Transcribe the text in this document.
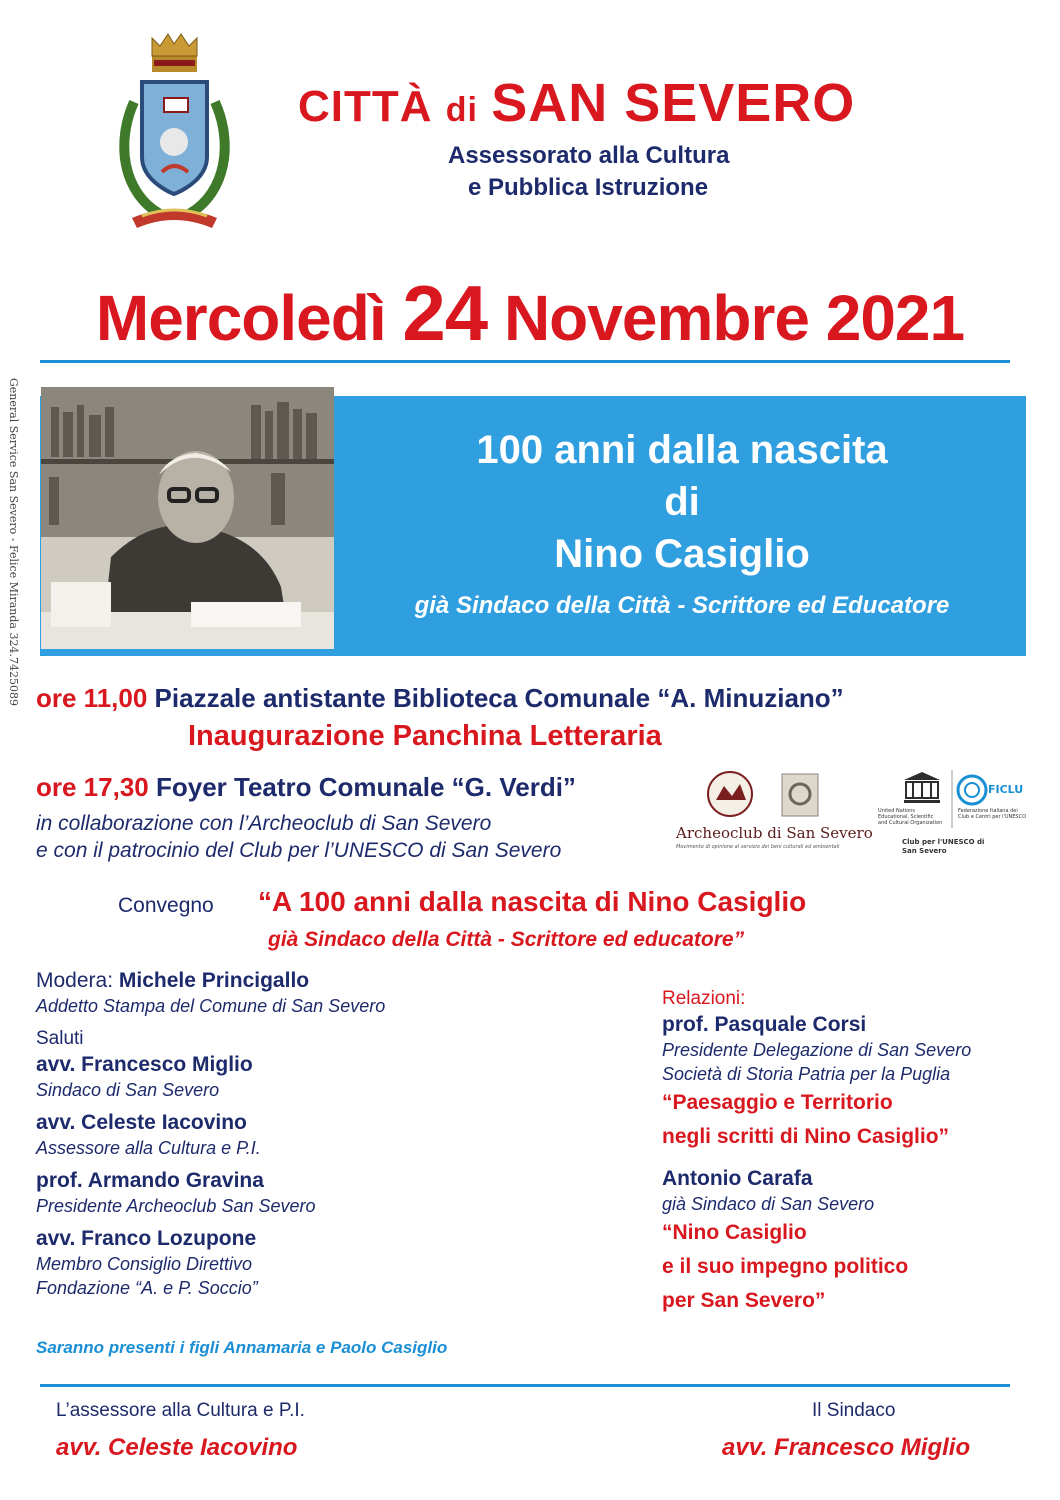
CITTÀ di SAN SEVERO
Assessorato alla Cultura
e Pubblica Istruzione
Mercoledì 24 Novembre 2021
100 anni dalla nascita
di
Nino Casiglio
già Sindaco della Città - Scrittore ed Educatore
General Service San Severo - Felice Miranda 324.7425089 ore 11,00 Piazzale antistante Biblioteca Comunale “A. Minuziano”
Inaugurazione Panchina Letteraria
ore 17,30 Foyer Teatro Comunale “G. Verdi”
in collaborazione con l’Archeoclub di San Severo
e con il patrocinio del Club per l’UNESCO di San Severo
Archeoclub di San Severo
Movimento di opinione al servizio dei beni culturali ed ambientali
United Nations Educational, Scientific and Cultural Organization
FICLU
Federazione Italiana dei Club e Centri per l'UNESCO
Club per l'UNESCO di
San Severo
Convegno “A 100 anni dalla nascita di Nino Casiglio
già Sindaco della Città - Scrittore ed educatore”
Modera: Michele Princigallo
Addetto Stampa del Comune di San Severo
Saluti
avv. Francesco Miglio
Sindaco di San Severo
avv. Celeste Iacovino
Assessore alla Cultura e P.I.
prof. Armando Gravina
Presidente Archeoclub San Severo
avv. Franco Lozupone
Membro Consiglio Direttivo
Fondazione “A. e P. Soccio”
Relazioni:
prof. Pasquale Corsi
Presidente Delegazione di San Severo
Società di Storia Patria per la Puglia
“Paesaggio e Territorio
negli scritti di Nino Casiglio”
Antonio Carafa
già Sindaco di San Severo
“Nino Casiglio
e il suo impegno politico
per San Severo”
Saranno presenti i figli Annamaria e Paolo Casiglio
L’assessore alla Cultura e P.I.
avv. Celeste Iacovino
Il Sindaco
avv. Francesco Miglio
